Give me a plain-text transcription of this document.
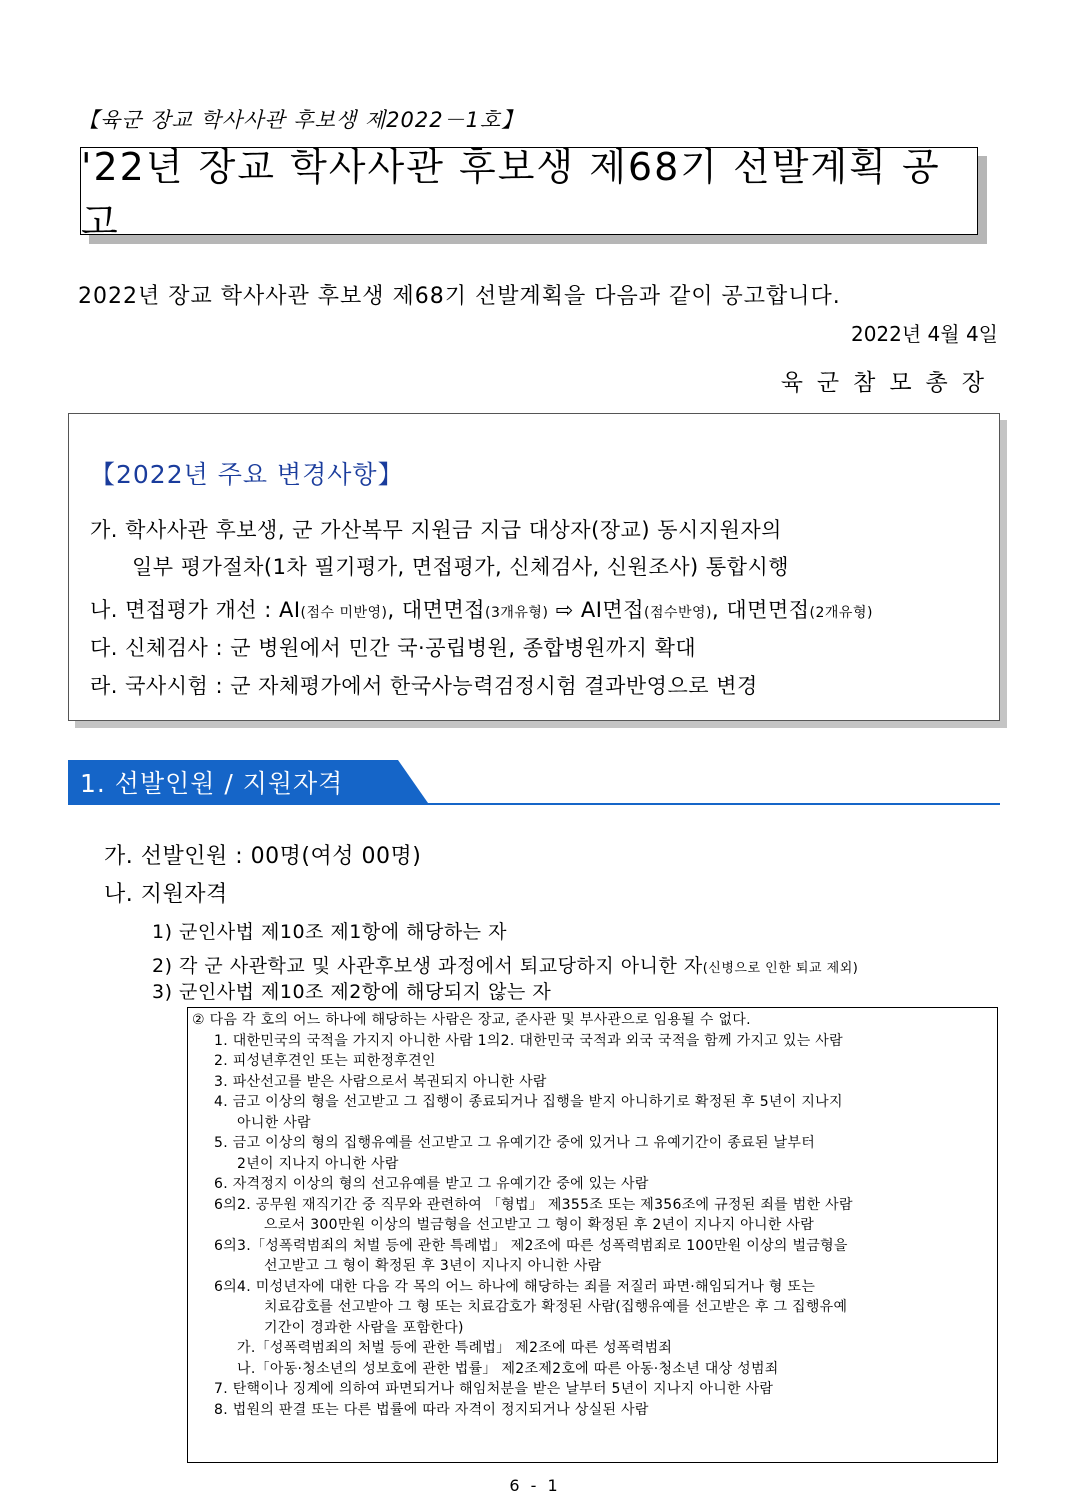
【육군 장교 학사사관 후보생 제2022－1호】
'22년 장교 학사사관 후보생 제68기 선발계획 공고
2022년 장교 학사사관 후보생 제68기 선발계획을 다음과 같이 공고합니다.
2022년 4월 4일
육군참모총장
【2022년 주요 변경사항】
가. 학사사관 후보생, 군 가산복무 지원금 지급 대상자(장교) 동시지원자의
일부 평가절차(1차 필기평가, 면접평가, 신체검사, 신원조사) 통합시행
나. 면접평가 개선 : AI(점수 미반영), 대면면접(3개유형) ⇨ AI면접(점수반영), 대면면접(2개유형)
다. 신체검사 : 군 병원에서 민간 국·공립병원, 종합병원까지 확대
라. 국사시험 : 군 자체평가에서 한국사능력검정시험 결과반영으로 변경
1. 선발인원 / 지원자격
가. 선발인원 : 00명(여성 00명)
나. 지원자격
1) 군인사법 제10조 제1항에 해당하는 자
2) 각 군 사관학교 및 사관후보생 과정에서 퇴교당하지 아니한 자(신병으로 인한 퇴교 제외)
3) 군인사법 제10조 제2항에 해당되지 않는 자
② 다음 각 호의 어느 하나에 해당하는 사람은 장교, 준사관 및 부사관으로 임용될 수 없다.
1. 대한민국의 국적을 가지지 아니한 사람 1의2. 대한민국 국적과 외국 국적을 함께 가지고 있는 사람
2. 피성년후견인 또는 피한정후견인
3. 파산선고를 받은 사람으로서 복권되지 아니한 사람
4. 금고 이상의 형을 선고받고 그 집행이 종료되거나 집행을 받지 아니하기로 확정된 후 5년이 지나지
아니한 사람
5. 금고 이상의 형의 집행유예를 선고받고 그 유예기간 중에 있거나 그 유예기간이 종료된 날부터
2년이 지나지 아니한 사람
6. 자격정지 이상의 형의 선고유예를 받고 그 유예기간 중에 있는 사람
6의2. 공무원 재직기간 중 직무와 관련하여 「형법」 제355조 또는 제356조에 규정된 죄를 범한 사람
으로서 300만원 이상의 벌금형을 선고받고 그 형이 확정된 후 2년이 지나지 아니한 사람
6의3.「성폭력범죄의 처벌 등에 관한 특례법」 제2조에 따른 성폭력범죄로 100만원 이상의 벌금형을
선고받고 그 형이 확정된 후 3년이 지나지 아니한 사람
6의4. 미성년자에 대한 다음 각 목의 어느 하나에 해당하는 죄를 저질러 파면·해임되거나 형 또는
치료감호를 선고받아 그 형 또는 치료감호가 확정된 사람(집행유예를 선고받은 후 그 집행유예
기간이 경과한 사람을 포함한다)
가.「성폭력범죄의 처벌 등에 관한 특례법」 제2조에 따른 성폭력범죄
나.「아동·청소년의 성보호에 관한 법률」 제2조제2호에 따른 아동·청소년 대상 성범죄
7. 탄핵이나 징계에 의하여 파면되거나 해임처분을 받은 날부터 5년이 지나지 아니한 사람
8. 법원의 판결 또는 다른 법률에 따라 자격이 정지되거나 상실된 사람
6 - 1
